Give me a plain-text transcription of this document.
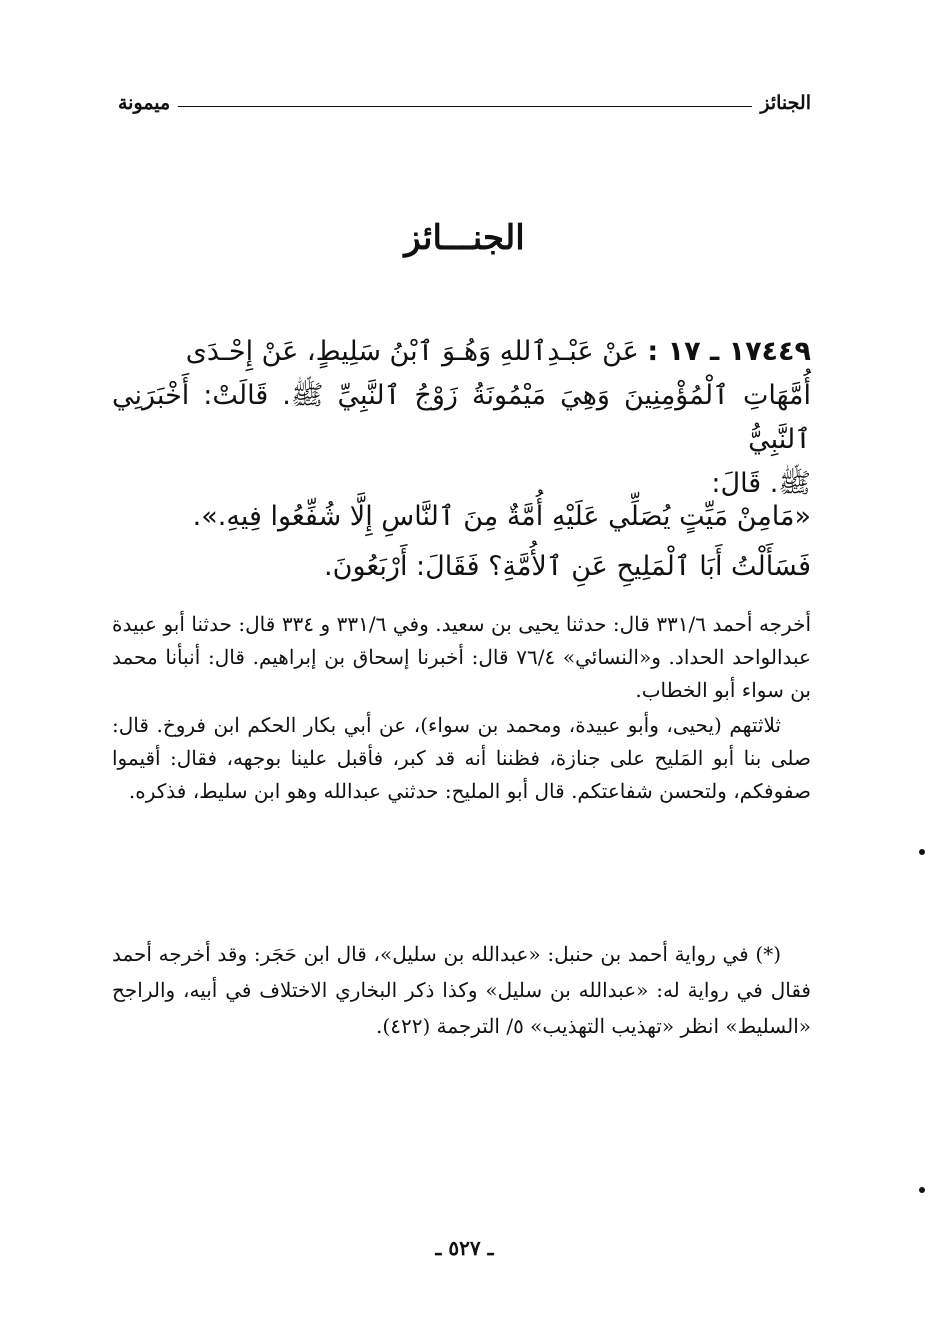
الجنائز
ميمونة
الجنـــائز

١٧٤٤٩ ـ ١٧ : عَنْ عَبْـدِٱللهِ وَهُـوَ ٱبْنُ سَلِيطٍ، عَنْ إِحْـدَى

أُمَّهَاتِ ٱلْمُؤْمِنِينَ وَهِيَ مَيْمُونَةُ زَوْجُ ٱلنَّبِيِّ ﷺ. قَالَتْ: أَخْبَرَنِي ٱلنَّبِيُّ

ﷺ. قَالَ:

«مَامِنْ مَيِّتٍ يُصَلِّي عَلَيْهِ أُمَّةٌ مِنَ ٱلنَّاسِ إِلَّا شُفِّعُوا فِيهِ.».

فَسَأَلْتُ أَبَا ٱلْمَلِيحِ عَنِ ٱلأُمَّةِ؟ فَقَالَ: أَرْبَعُونَ.

أخرجه أحمد ٣٣١/٦ قال: حدثنا يحيى بن سعيد. وفي ٣٣١/٦ و ٣٣٤ قال: حدثنا أبو عبيدة عبدالواحد الحداد. و«النسائي» ٧٦/٤ قال: أخبرنا إسحاق بن إبراهيم. قال: أنبأنا محمد بن سواء أبو الخطاب.

ثلاثتهم (يحيى، وأبو عبيدة، ومحمد بن سواء)، عن أبي بكار الحكم ابن فروخ. قال: صلى بنا أبو المَليح على جنازة، فظننا أنه قد كبر، فأقبل علينا بوجهه، فقال: أقيموا صفوفكم، ولتحسن شفاعتكم. قال أبو المليح: حدثني عبدالله وهو ابن سليط، فذكره.

(*) في رواية أحمد بن حنبل: «عبدالله بن سليل»، قال ابن حَجَر: وقد أخرجه أحمد فقال في رواية له: «عبدالله بن سليل» وكذا ذكر البخاري الاختلاف في أبيه، والراجح «السليط» انظر «تهذيب التهذيب» ٥/ الترجمة (٤٢٢).

ـ ٥٢٧ ـ
